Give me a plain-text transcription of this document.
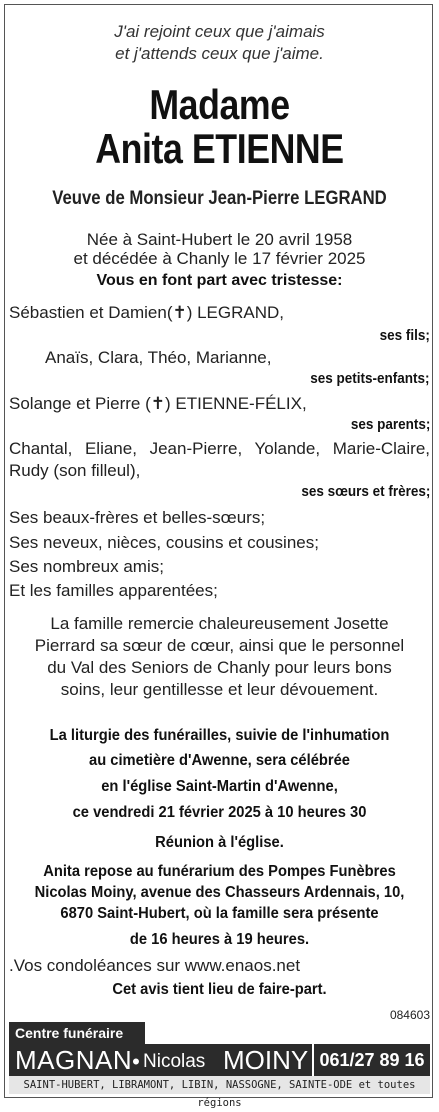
J'ai rejoint ceux que j'aimais
et j'attends ceux que j'aime.
Madame
Anita ETIENNE
Veuve de Monsieur Jean-Pierre LEGRAND
Née à Saint-Hubert le 20 avril 1958
et décédée à Chanly le 17 février 2025
Vous en font part avec tristesse:
Sébastien et Damien(✝) LEGRAND,
ses fils;
Anaïs, Clara, Théo, Marianne,
ses petits-enfants;
Solange et Pierre (✝) ETIENNE-FÉLIX,
ses parents;
Chantal, Eliane, Jean-Pierre, Yolande, Marie-Claire,
Rudy (son filleul),
ses sœurs et frères;
Ses beaux-frères et belles-sœurs;
Ses neveux, nièces, cousins et cousines;
Ses nombreux amis;
Et les familles apparentées;
La famille remercie chaleureusement Josette
Pierrard sa sœur de cœur, ainsi que le personnel
du Val des Seniors de Chanly pour leurs bons
soins, leur gentillesse et leur dévouement.
La liturgie des funérailles, suivie de l'inhumation
au cimetière d'Awenne, sera célébrée
en l'église Saint-Martin d'Awenne,
ce vendredi 21 février 2025 à 10 heures 30
Réunion à l'église.
Anita repose au funérarium des Pompes Funèbres
Nicolas Moiny, avenue des Chasseurs Ardennais, 10,
6870 Saint-Hubert, où la famille sera présente
de 16 heures à 19 heures.
.Vos condoléances sur www.enaos.net
Cet avis tient lieu de faire-part.
084603
Centre funéraire
MAGNAN• Nicolas MOINY 061/27 89 16
SAINT-HUBERT, LIBRAMONT, LIBIN, NASSOGNE, SAINTE-ODE et toutes régions
